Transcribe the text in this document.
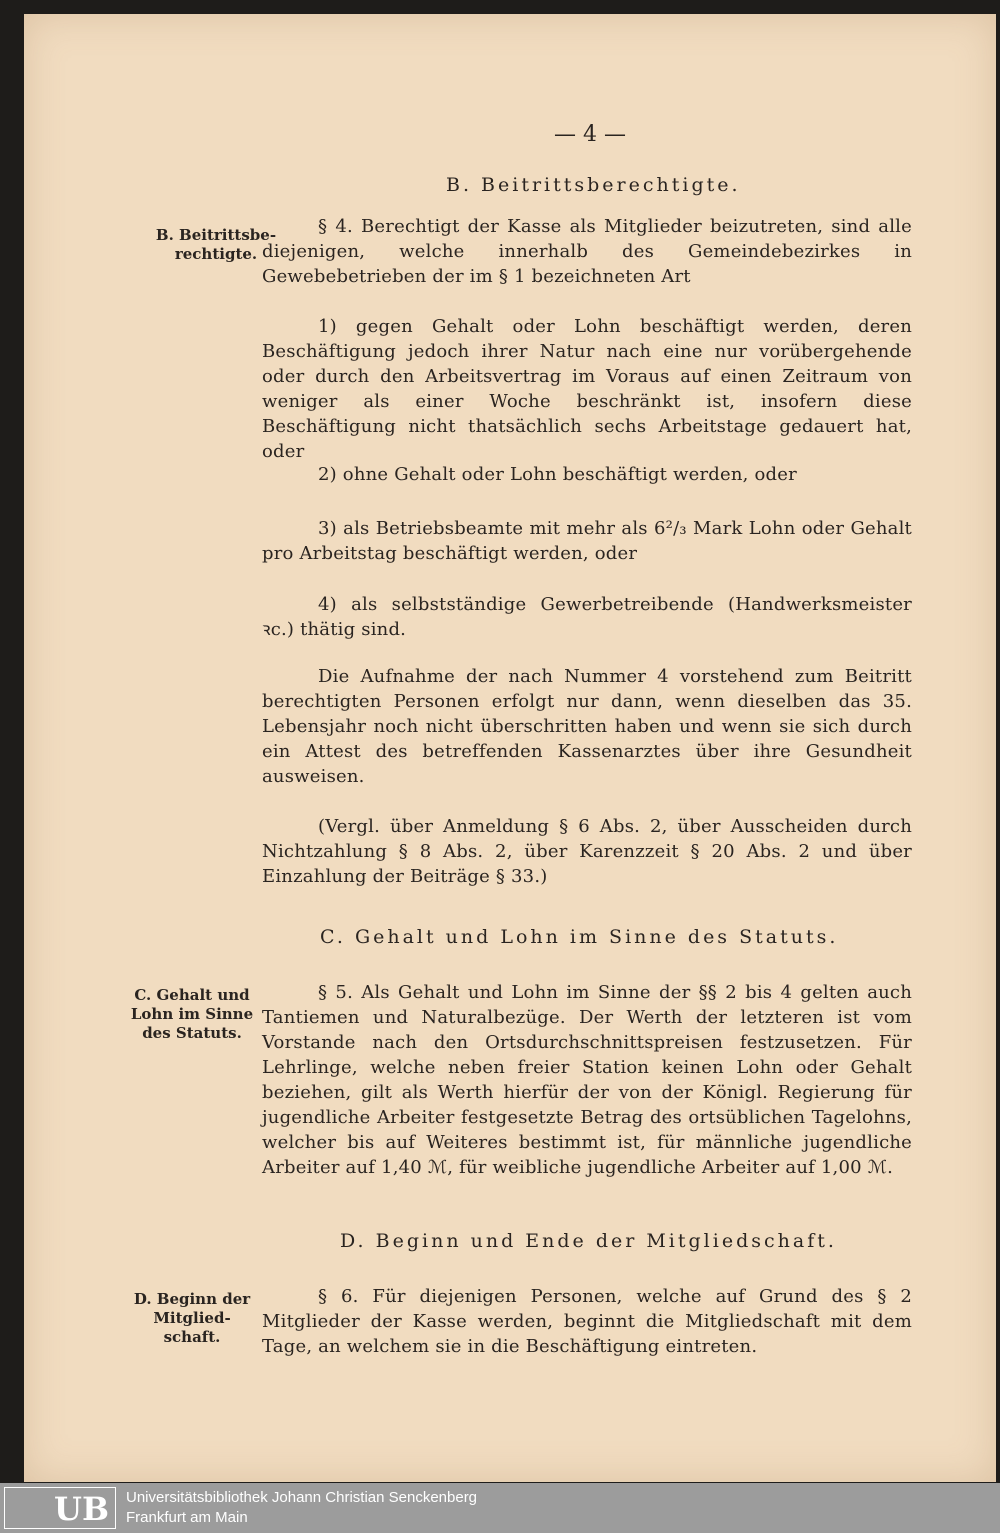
— 4 —
B. Beitrittsberechtigte.
B. Beitrittsbe-rechtigte.
§ 4. Berechtigt der Kasse als Mitglieder beizutreten, sind alle diejenigen, welche innerhalb des Gemeindebezirkes in Gewebebetrieben der im § 1 bezeichneten Art
1) gegen Gehalt oder Lohn beschäftigt werden, deren Beschäftigung jedoch ihrer Natur nach eine nur vorübergehende oder durch den Arbeitsvertrag im Voraus auf einen Zeitraum von weniger als einer Woche beschränkt ist, insofern diese Beschäftigung nicht thatsächlich sechs Arbeitstage gedauert hat, oder
2) ohne Gehalt oder Lohn beschäftigt werden, oder
3) als Betriebsbeamte mit mehr als 6²/₃ Mark Lohn oder Gehalt pro Arbeitstag beschäftigt werden, oder
4) als selbstständige Gewerbetreibende (Handwerksmeister ꝛc.) thätig sind.
Die Aufnahme der nach Nummer 4 vorstehend zum Beitritt berechtigten Personen erfolgt nur dann, wenn dieselben das 35. Lebensjahr noch nicht überschritten haben und wenn sie sich durch ein Attest des betreffenden Kassenarztes über ihre Gesundheit ausweisen.
(Vergl. über Anmeldung § 6 Abs. 2, über Ausscheiden durch Nichtzahlung § 8 Abs. 2, über Karenzzeit § 20 Abs. 2 und über Einzahlung der Beiträge § 33.)
C. Gehalt und Lohn im Sinne des Statuts.
C. Gehalt und Lohn im Sinne des Statuts.
§ 5. Als Gehalt und Lohn im Sinne der §§ 2 bis 4 gelten auch Tantiemen und Naturalbezüge. Der Werth der letzteren ist vom Vorstande nach den Ortsdurchschnittspreisen festzusetzen. Für Lehrlinge, welche neben freier Station keinen Lohn oder Gehalt beziehen, gilt als Werth hierfür der von der Königl. Regierung für jugendliche Arbeiter festgesetzte Betrag des ortsüblichen Tagelohns, welcher bis auf Weiteres bestimmt ist, für männliche jugendliche Arbeiter auf 1,40 ℳ, für weibliche jugendliche Arbeiter auf 1,00 ℳ.
D. Beginn und Ende der Mitgliedschaft.
D. Beginn der Mitglied-schaft.
§ 6. Für diejenigen Personen, welche auf Grund des § 2 Mitglieder der Kasse werden, beginnt die Mitgliedschaft mit dem Tage, an welchem sie in die Beschäftigung eintreten.
UB Universitätsbibliothek Johann Christian Senckenberg
Frankfurt am Main
